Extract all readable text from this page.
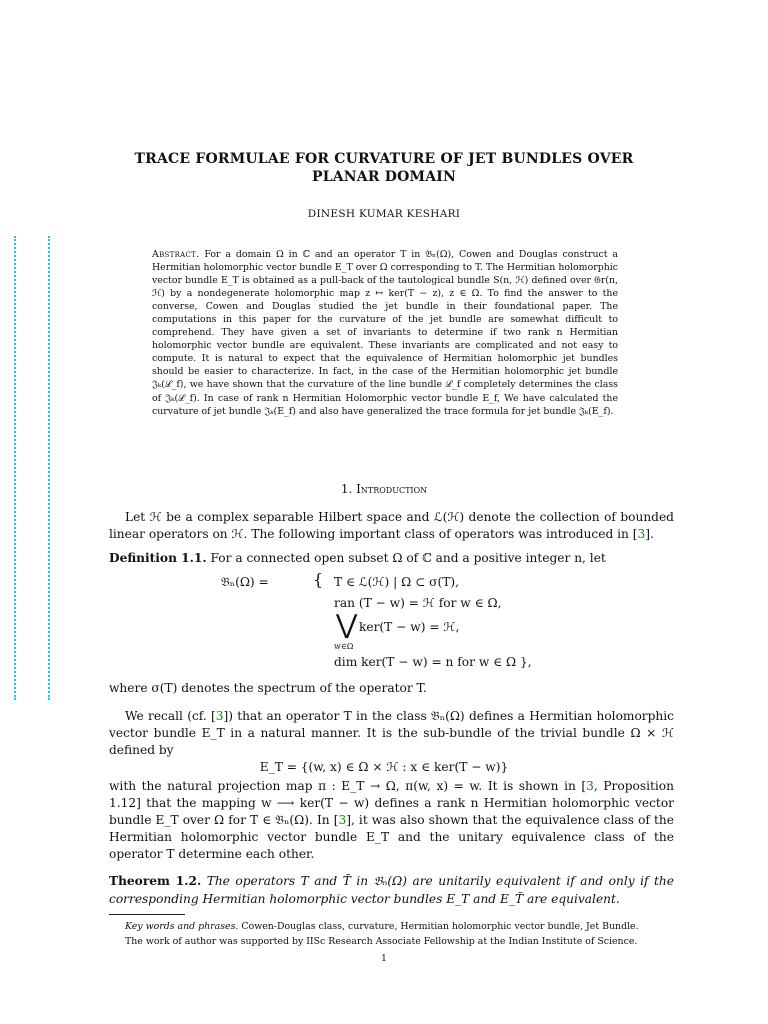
TRACE FORMULAE FOR CURVATURE OF JET BUNDLES OVER
PLANAR DOMAIN
DINESH KUMAR KESHARI
Abstract. For a domain Ω in ℂ and an operator T in 𝔅ₙ(Ω), Cowen and Douglas construct a Hermitian holomorphic vector bundle E_T over Ω corresponding to T. The Hermitian holomorphic vector bundle E_T is obtained as a pull-back of the tautological bundle S(n, ℋ) defined over 𝔊r(n, ℋ) by a nondegenerate holomorphic map z ↦ ker(T − z), z ∈ Ω. To find the answer to the converse, Cowen and Douglas studied the jet bundle in their foundational paper. The computations in this paper for the curvature of the jet bundle are somewhat difficult to comprehend. They have given a set of invariants to determine if two rank n Hermitian holomorphic vector bundle are equivalent. These invariants are complicated and not easy to compute. It is natural to expect that the equivalence of Hermitian holomorphic jet bundles should be easier to characterize. In fact, in the case of the Hermitian holomorphic jet bundle 𝔍ₖ(ℒ_f), we have shown that the curvature of the line bundle ℒ_f completely determines the class of 𝔍ₖ(ℒ_f). In case of rank n Hermitian Holomorphic vector bundle E_f, We have calculated the curvature of jet bundle 𝔍ₖ(E_f) and also have generalized the trace formula for jet bundle 𝔍ₖ(E_f).
1. Introduction
Let ℋ be a complex separable Hilbert space and ℒ(ℋ) denote the collection of bounded linear operators on ℋ. The following important class of operators was introduced in [3].
Definition 1.1. For a connected open subset Ω of ℂ and a positive integer n, let
𝔅ₙ(Ω) =	{ T ∈ ℒ(ℋ) | Ω ⊂ σ(T),
ran (T − w) = ℋ for w ∈ Ω,
⋁ ker(T − w) = ℋ,
w∈Ω
dim ker(T − w) = n for w ∈ Ω },
where σ(T) denotes the spectrum of the operator T.
We recall (cf. [3]) that an operator T in the class 𝔅ₙ(Ω) defines a Hermitian holomorphic vector bundle E_T in a natural manner. It is the sub-bundle of the trivial bundle Ω × ℋ defined by
E_T = {(w, x) ∈ Ω × ℋ : x ∈ ker(T − w)}
with the natural projection map π : E_T → Ω, π(w, x) = w. It is shown in [3, Proposition 1.12] that the mapping w ⟶ ker(T − w) defines a rank n Hermitian holomorphic vector bundle E_T over Ω for T ∈ 𝔅ₙ(Ω). In [3], it was also shown that the equivalence class of the Hermitian holomorphic vector bundle E_T and the unitary equivalence class of the operator T determine each other.
Theorem 1.2. The operators T and T̃ in 𝔅ₙ(Ω) are unitarily equivalent if and only if the corresponding Hermitian holomorphic vector bundles E_T and E_T̃ are equivalent.
Key words and phrases. Cowen-Douglas class, curvature, Hermitian holomorphic vector bundle, Jet Bundle.
The work of author was supported by IISc Research Associate Fellowship at the Indian Institute of Science.
1
